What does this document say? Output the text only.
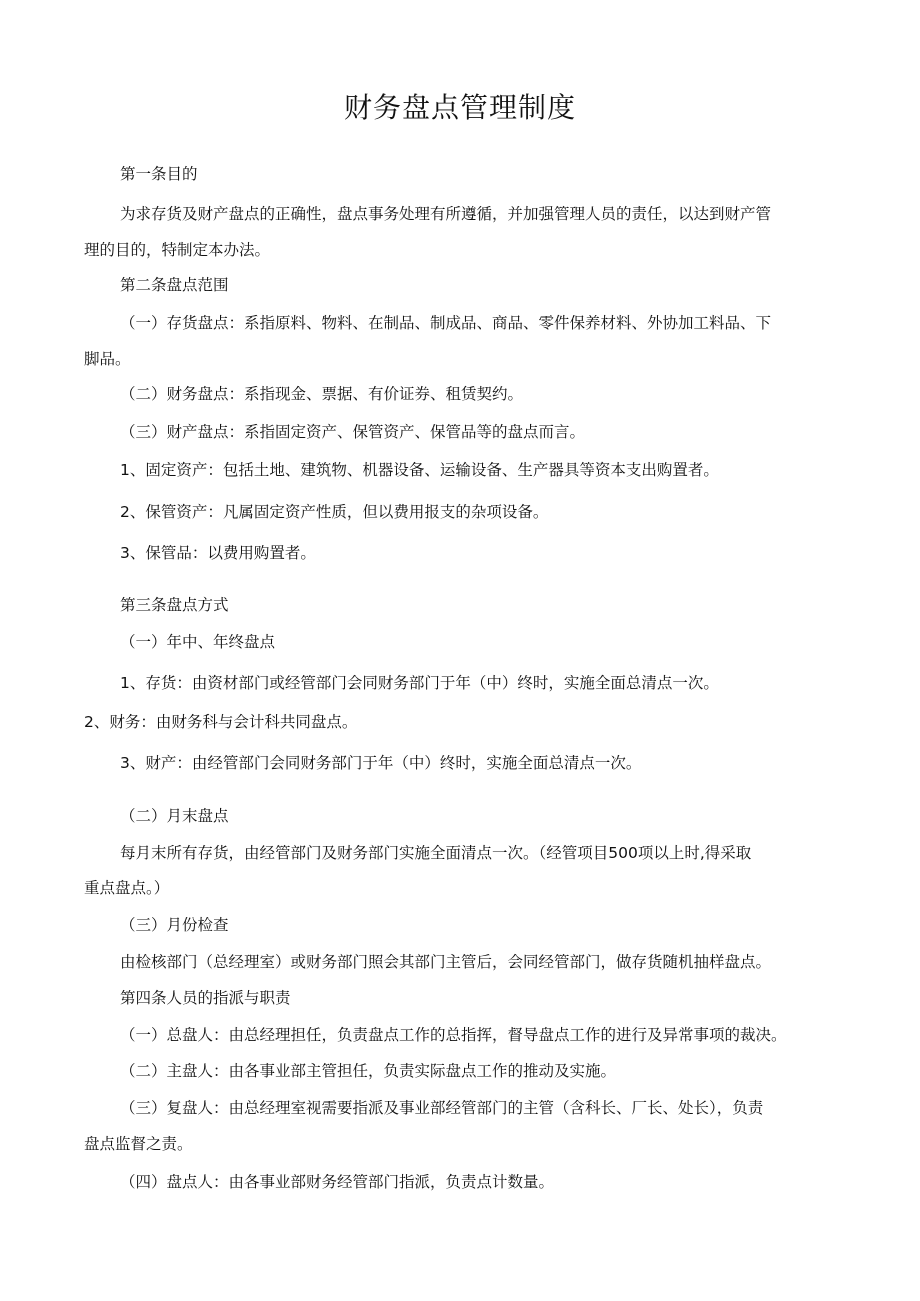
财务盘点管理制度
第一条目的
为求存货及财产盘点的正确性，盘点事务处理有所遵循，并加强管理人员的责任，以达到财产管
理的目的，特制定本办法。
第二条盘点范围
（一）存货盘点：系指原料、物料、在制品、制成品、商品、零件保养材料、外协加工料品、下
脚品。
（二）财务盘点：系指现金、票据、有价证券、租赁契约。
（三）财产盘点：系指固定资产、保管资产、保管品等的盘点而言。
1、固定资产：包括土地、建筑物、机器设备、运输设备、生产器具等资本支出购置者。
2、保管资产：凡属固定资产性质，但以费用报支的杂项设备。
3、保管品：以费用购置者。
第三条盘点方式
（一）年中、年终盘点
1、存货：由资材部门或经管部门会同财务部门于年（中）终时，实施全面总清点一次。
2、财务：由财务科与会计科共同盘点。
3、财产：由经管部门会同财务部门于年（中）终时，实施全面总清点一次。
（二）月末盘点
每月末所有存货，由经管部门及财务部门实施全面清点一次。（经管项目500项以上时,得采取
重点盘点。）
（三）月份检查
由检核部门（总经理室）或财务部门照会其部门主管后，会同经管部门，做存货随机抽样盘点。
第四条人员的指派与职责
（一）总盘人：由总经理担任，负责盘点工作的总指挥，督导盘点工作的进行及异常事项的裁决。
（二）主盘人：由各事业部主管担任，负责实际盘点工作的推动及实施。
（三）复盘人：由总经理室视需要指派及事业部经管部门的主管（含科长、厂长、处长），负责
盘点监督之责。
（四）盘点人：由各事业部财务经管部门指派，负责点计数量。
